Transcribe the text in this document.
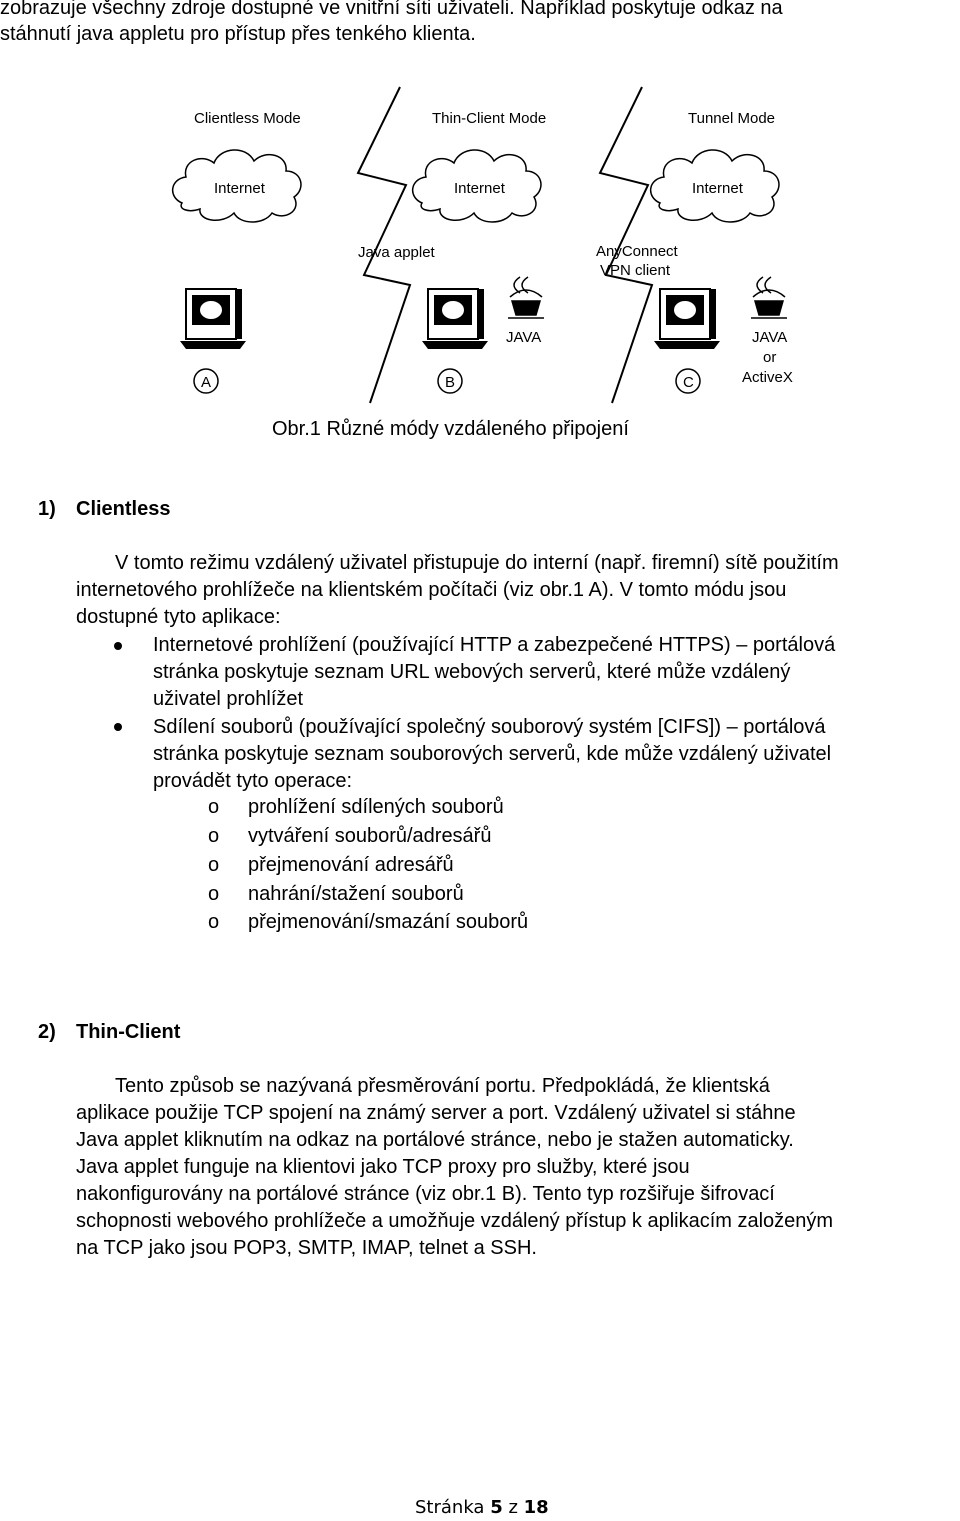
zobrazuje všechny zdroje dostupné ve vnitřní síti uživateli. Například poskytuje odkaz na
stáhnutí java appletu pro přístup přes tenkého klienta.
Clientless Mode	Thin-Client Mode	Tunnel Mode
Internet	Internet	Internet
Java applet	AnyConnect
VPN client
JAVA	JAVA
or
ActiveX
A	B	C
Obr.1 Různé módy vzdáleného připojení
1) Clientless
V tomto režimu vzdálený uživatel přistupuje do interní (např. firemní) sítě použitím
internetového prohlížeče na klientském počítači (viz obr.1 A). V tomto módu jsou
dostupné tyto aplikace:
Internetové prohlížení (používající HTTP a zabezpečené HTTPS) – portálová
stránka poskytuje seznam URL webových serverů, které může vzdálený
uživatel prohlížet
Sdílení souborů (používající společný souborový systém [CIFS]) – portálová
stránka poskytuje seznam souborových serverů, kde může vzdálený uživatel
provádět tyto operace:
o prohlížení sdílených souborů
o vytváření souborů/adresářů
o přejmenování adresářů
o nahrání/stažení souborů
o přejmenování/smazání souborů
2) Thin-Client
Tento způsob se nazývaná přesměrování portu. Předpokládá, že klientská
aplikace použije TCP spojení na známý server a port. Vzdálený uživatel si stáhne
Java applet kliknutím na odkaz na portálové stránce, nebo je stažen automaticky.
Java applet funguje na klientovi jako TCP proxy pro služby, které jsou
nakonfigurovány na portálové stránce (viz obr.1 B). Tento typ rozšiřuje šifrovací
schopnosti webového prohlížeče a umožňuje vzdálený přístup k aplikacím založeným
na TCP jako jsou POP3, SMTP, IMAP, telnet a SSH.
Stránka 5 z 18
